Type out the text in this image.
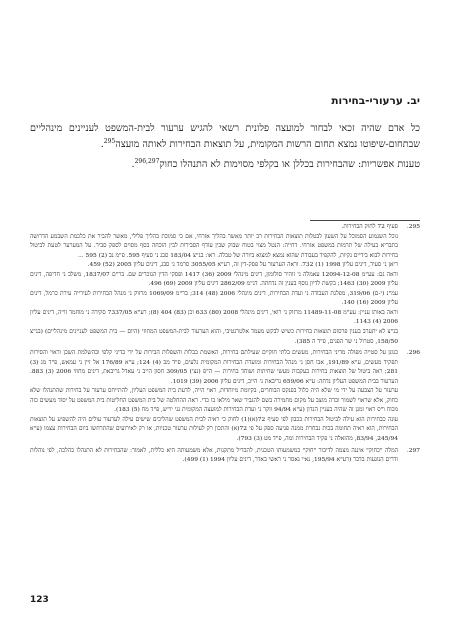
יב. ערעורי-בחירות

כל אדם שהיה זכאי לבחור למועצה פלונית רשאי להגיש ערעור לבית-המשפט לעניינים מינהליים שבתחום-שיפוטו נמצא תחום הרשות המקומית, על תוצאות הבחירות לאותה מועצה$^{295}$.

טענות אפשריות: שהבחירות בכללן או בקלפי מסוימות לא התנהלו כחוק$^{296,297}$.

295.

סעיף 72 לחוק הבחירות.

נוכל השגמוע הסמוכל על השעון לבטלות תוצאות הבחירות רב יותר מאשר בהליך אזרחי, אם כי סמוכת בהליך פלילי, מאשר להביר את כלכמת השבמע הדרושה בתבריא בעילה של תרמות במשפט אזרחי. דחייה: הנטל מצוי בטוח שבוק שבין עודף הסבירות לבין הוכחה בסף מסוים לספק סביר. על המערער לטעת לביטול בחירות לבוא בידיים נקיות, להקפיד בעבודת שהוא נמצא למצוא ביורה של טבלה. ראו: בג"צ 183/04 סבג נ' סעיף 595. פ"מ נב (2) 595 ...

ריאן נ' סעיד, דינים עליון 1998 (1) 732. וראה הערעור על פסק-דין זה, רע"א 3055/05 סרמד נ' סבג, דינים עליון 2005 (52) 459.

וראה גם: עע"מ 12094-12-08 עאמלה נ' זוהיר סולומון, דינים מינהלי 2009 (36) 1417 ופסקי הדין הנזכרים שם. בר"ם 1837/07, משלב נ' חדיפה, דינים עליון 2009 (30) 1463; בקשת לדיון נוסף בענין זה נדחתה. דנ"מ 2862/09 דינים עליון 2009 (69) 496.

עמ"נ (י-ם) 319/06, מפלגת העבודה נ' ועדת הבחירות, דינים מינהלי 2006 (48) 314; בר"מ 1069/09 מרזוק נ' מנהל הבחירות לעירייה עירת כרמל, דינים עליון 2009 (16) 140.

וראה באותו עניין: עע"מ 11489-11-08 מרזוק נ' רואי, דינים מינהלי 2008 (80) 633 וכן (83) 404 (8); רע"א 7337/05 סקירה נ' מוחמד זו"ה, דינים עליון 2006 (4) 1143.

בג"צ לא יתערב בענין פרסום תוצאות בחירות כשיש לבקש מעמד אלטרנטיבי, והוא הערעור לבית-המשפט המחוזי (היום — בית המשפט לעניינים מינהליים) (בג"צ 158/50, סטרול נ' שר הפנים, פ"ד ה 385).

296.

כגונן על סטייה מפולה מדיני הבחירות, מעשים בלתי חוקיים שעילתם בחירות, האשמת בבלות והשפלות הבירות על ידי בדיני קלפי ובהשלמת השכן וראוי והסירות תפקיד מעשים, ע"א 191/89, אבו חסן נ' מנהל הבחירות ומועדת הבחירות המקומית גלעים, פ"ד מב (4) 124; ע"א 176/89 אל זיין נ' עמאש, פ"ד מג (3) 281; ראה ביטול של תוצאות בחירות בעקבות מעשי שחיתות ושוחד בחירות — ה"פ (נצ') 309/05 חסון הייב נ' עאדל גריבאת, דינים מחוזי 2006 (3) 883. הערעור בבית המשפט העליון נדחה: ע"א 659/06 גריבאת נ' הייב, דינים עליון 2006 (39) 1019.

ערעור על הצבעה על ידי מי שלא היה כלול בפנקס הבוחרים, בקיומת מיוחדות, ראוי הייה, לדעת בית המשפט העליון, להתייחס ערעור על בחירות שהתנהלו שלא כחוק, אלא שראוי לשמור ובדה מוצב על מקום מחמירה בשם להגביר שאר מילאו בו כדי. ראה ההחלטה של בית המשפט החליטות בית המשפט על יסוד מעשים כזה מכוח ו"ס ראוי ומגן זה שהיה בעניין הנדון (ע"א 94/94 ווקר נ' ועדת הבחירות למועצה המקומית גני יו"ש, פ"ד מח (5) 183).

עונה כבחירות הוא עילה לביטול הבחירות בכבון לפי סעיף 72(א)(1) לחוק כי ראיה לבית המשפט שהליכים שישים עילה לערעור עולים היה להשפיע על תוצאות הבחירות, הוא ראיה תחומה בכות נבחרת ממנה פגיעה ספק על פי 72(א) והתכון רק לעילות ערעור טכניות, או רק לאירועים שהתרחשו ביום הבחירות עצמו (ע"א 245/94, 83/94, מהזאלה נ' פקיד הבחירות ומה, פ"ד מט (3) 793).

297.

המלה "כחוק" איננה מצמה לדיבור "חוק" במשמעותו הטכנית, להבדיל מתקנות, אלא משמעותה היא כללית, לאמור: שהבחירות לא התנהלו כהלכה, לפי נוהלות ודרים הנוגעות בדבר (רע"א 195/94, נאיי נאסר נ' ראשי באדר, דינים עליון 1994 (1) 499).

123
